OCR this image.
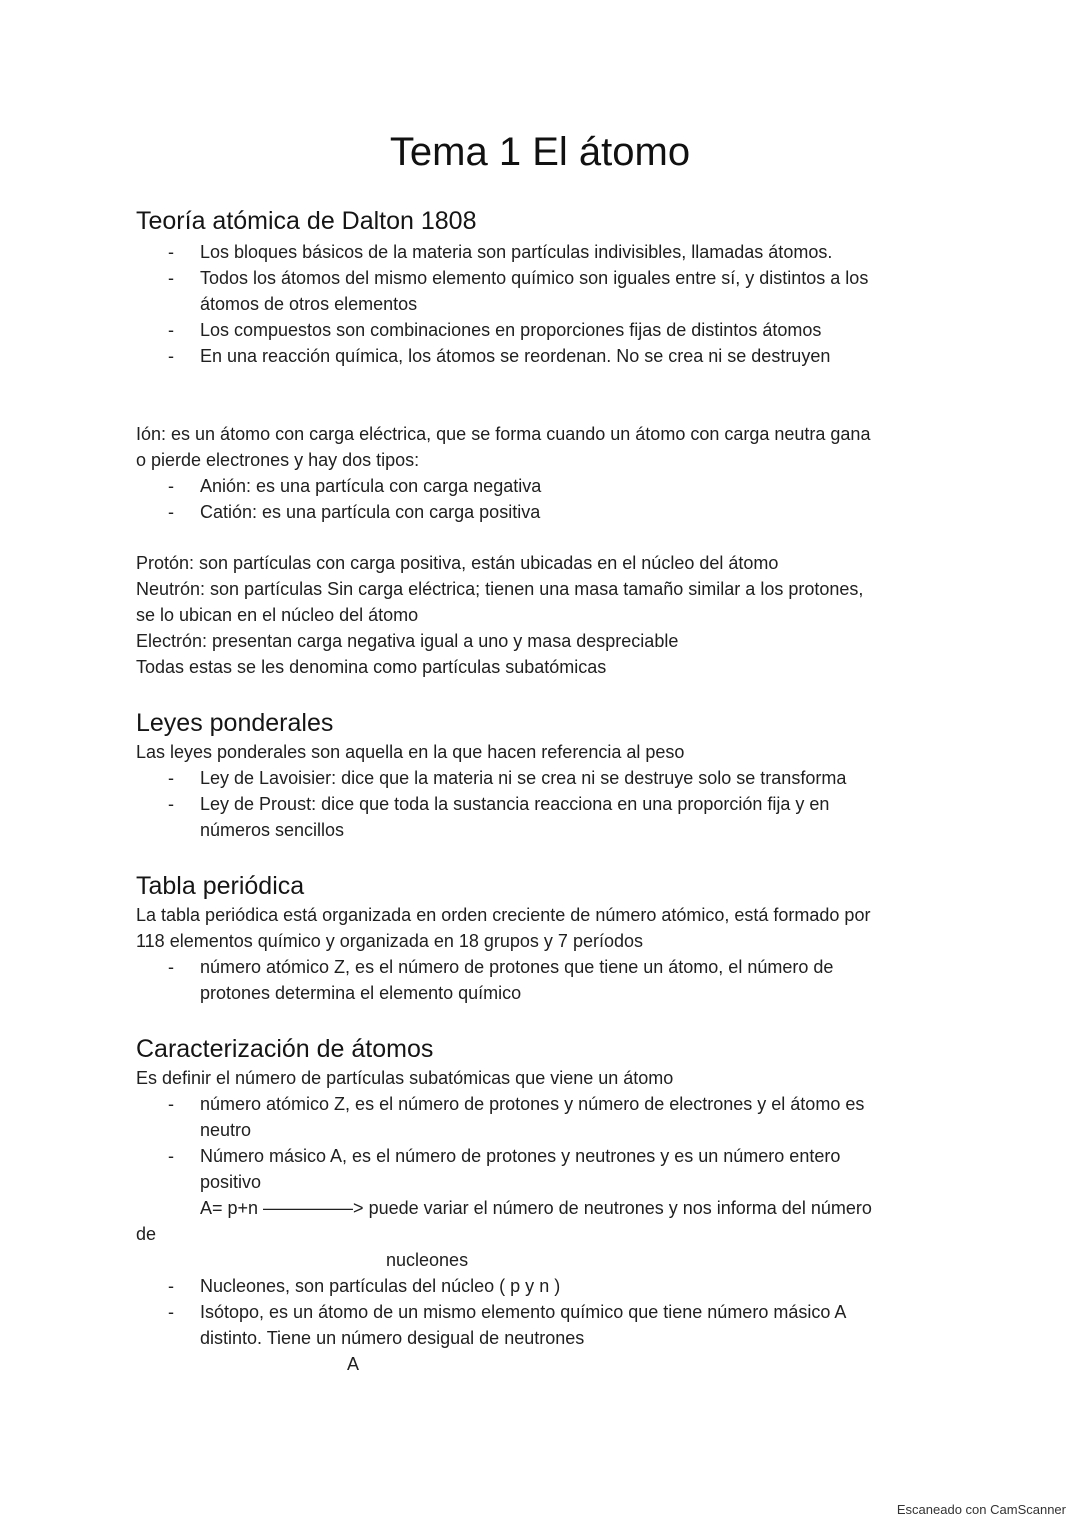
Tema 1 El átomo
Teoría atómica de Dalton 1808
- Los bloques básicos de la materia son partículas indivisibles, llamadas átomos.
- Todos los átomos del mismo elemento químico son iguales entre sí, y distintos a los
átomos de otros elementos
- Los compuestos son combinaciones en proporciones fijas de distintos átomos
- En una reacción química, los átomos se reordenan. No se crea ni se destruyen
Ión: es un átomo con carga eléctrica, que se forma cuando un átomo con carga neutra gana
o pierde electrones y hay dos tipos:
- Anión: es una partícula con carga negativa
- Catión: es una partícula con carga positiva
Protón: son partículas con carga positiva, están ubicadas en el núcleo del átomo
Neutrón: son partículas Sin carga eléctrica; tienen una masa tamaño similar a los protones,
se lo ubican en el núcleo del átomo
Electrón: presentan carga negativa igual a uno y masa despreciable
Todas estas se les denomina como partículas subatómicas
Leyes ponderales
Las leyes ponderales son aquella en la que hacen referencia al peso
- Ley de Lavoisier: dice que la materia ni se crea ni se destruye solo se transforma
- Ley de Proust: dice que toda la sustancia reacciona en una proporción fija y en
números sencillos
Tabla periódica
La tabla periódica está organizada en orden creciente de número atómico, está formado por
118 elementos químico y organizada en 18 grupos y 7 períodos
- número atómico Z, es el número de protones que tiene un átomo, el número de
protones determina el elemento químico
Caracterización de átomos
Es definir el número de partículas subatómicas que viene un átomo
- número atómico Z, es el número de protones y número de electrones y el átomo es
neutro
- Número másico A, es el número de protones y neutrones y es un número entero
positivo
A= p+n —————> puede variar el número de neutrones y nos informa del número
de
nucleones
- Nucleones, son partículas del núcleo ( p y n )
- Isótopo, es un átomo de un mismo elemento químico que tiene número másico A
distinto. Tiene un número desigual de neutrones
A
Escaneado con CamScanner
